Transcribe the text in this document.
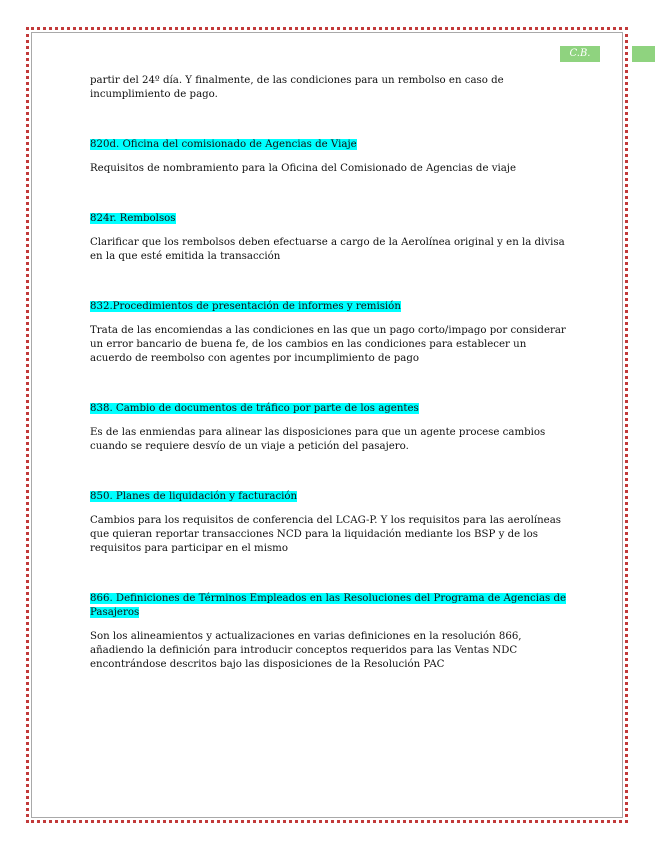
C.B.

partir del 24º día. Y finalmente, de las condiciones para un rembolso en caso de incumplimiento de pago.

820d. Oficina del comisionado de Agencias de Viaje

Requisitos de nombramiento para la Oficina del Comisionado de Agencias de viaje

824r. Rembolsos

Clarificar que los rembolsos deben efectuarse a cargo de la Aerolínea original y en la divisa en la que esté emitida la transacción

832.Procedimientos de presentación de informes y remisión

Trata de las encomiendas a las condiciones en las que un pago corto/impago por considerar un error bancario de buena fe, de los cambios en las condiciones para establecer un acuerdo de reembolso con agentes por incumplimiento de pago

838. Cambio de documentos de tráfico por parte de los agentes

Es de las enmiendas para alinear las disposiciones para que un agente procese cambios cuando se requiere desvío de un viaje a petición del pasajero.

850. Planes de liquidación y facturación

Cambios para los requisitos de conferencia del LCAG-P. Y los requisitos para las aerolíneas que quieran reportar transacciones NCD para la liquidación mediante los BSP y de los requisitos para participar en el mismo

866. Definiciones de Términos Empleados en las Resoluciones del Programa de Agencias de Pasajeros

Son los alineamientos y actualizaciones en varias definiciones en la resolución 866, añadiendo la definición para introducir conceptos requeridos para las Ventas NDC encontrándose descritos bajo las disposiciones de la Resolución PAC
